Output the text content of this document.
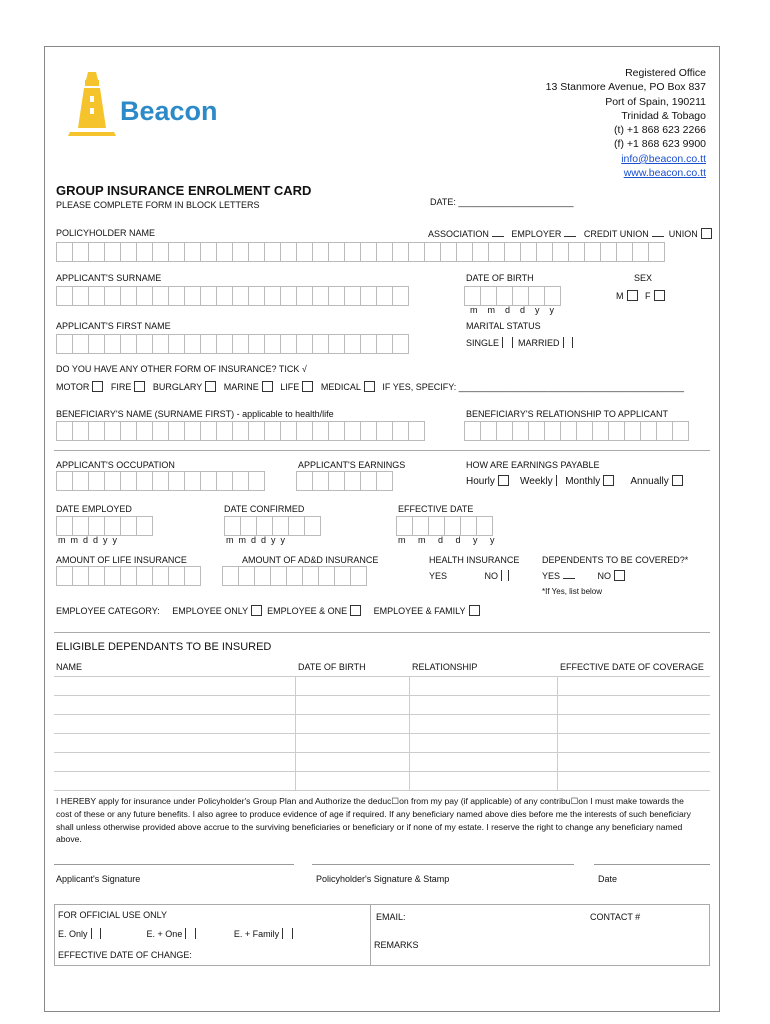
Beacon
Registered Office
13 Stanmore Avenue, PO Box 837
Port of Spain, 190211
Trinidad & Tobago
(t) +1 868 623 2266
(f) +1 868 623 9900
info@beacon.co.tt
www.beacon.co.tt
GROUP INSURANCE ENROLMENT CARD
PLEASE COMPLETE FORM IN BLOCK LETTERS	DATE: _______________________
POLICYHOLDER NAME	ASSOCIATION	EMPLOYER	CREDIT UNION UNION
APPLICANT'S SURNAME	DATE OF BIRTH	SEX
m    m    d    d    y    y
M F
APPLICANT'S FIRST NAME	MARITAL STATUS
SINGLE MARRIED
DO YOU HAVE ANY OTHER FORM OF INSURANCE? TICK √
MOTOR FIRE BURGLARY MARINE LIFE MEDICAL IF YES, SPECIFY: _____________________________________________
BENEFICIARY'S NAME (SURNAME FIRST) - applicable to health/life	BENEFICIARY'S RELATIONSHIP TO APPLICANT
APPLICANT'S OCCUPATION	APPLICANT'S EARNINGS	HOW ARE EARNINGS PAYABLE
Hourly	Weekly Monthly	Annually
DATE EMPLOYED	DATE CONFIRMED	EFFECTIVE DATE
m  m  d  d  y  y	m  m  d  d  y  y	m     m     d     d     y     y
AMOUNT OF LIFE INSURANCE	AMOUNT OF AD&D INSURANCE	HEALTH INSURANCE	DEPENDENTS TO BE COVERED?*
YES	NO	YES	NO
*If Yes, list below
EMPLOYEE CATEGORY: EMPLOYEE ONLY EMPLOYEE & ONE	EMPLOYEE & FAMILY
ELIGIBLE DEPENDANTS TO BE INSURED
NAME	DATE OF BIRTH	RELATIONSHIP	EFFECTIVE DATE OF COVERAGE
I HEREBY apply for insurance under Policyholder's Group Plan and Authorize the deduc☐on from my pay (if applicable) of any contribu☐on I must make towards the cost of these or any future benefits. I also agree to produce evidence of age if required. If any beneficiary named above dies before me the interests of such beneficiary shall unless otherwise provided above accrue to the surviving beneficiaries or beneficiary or if none of my estate. I reserve the right to change any beneficiary named above.
Applicant's Signature	Policyholder's Signature & Stamp	Date
FOR OFFICIAL USE ONLY
E. Only	E. + One	E. + Family
EFFECTIVE DATE OF CHANGE:
EMAIL:	CONTACT #
REMARKS
